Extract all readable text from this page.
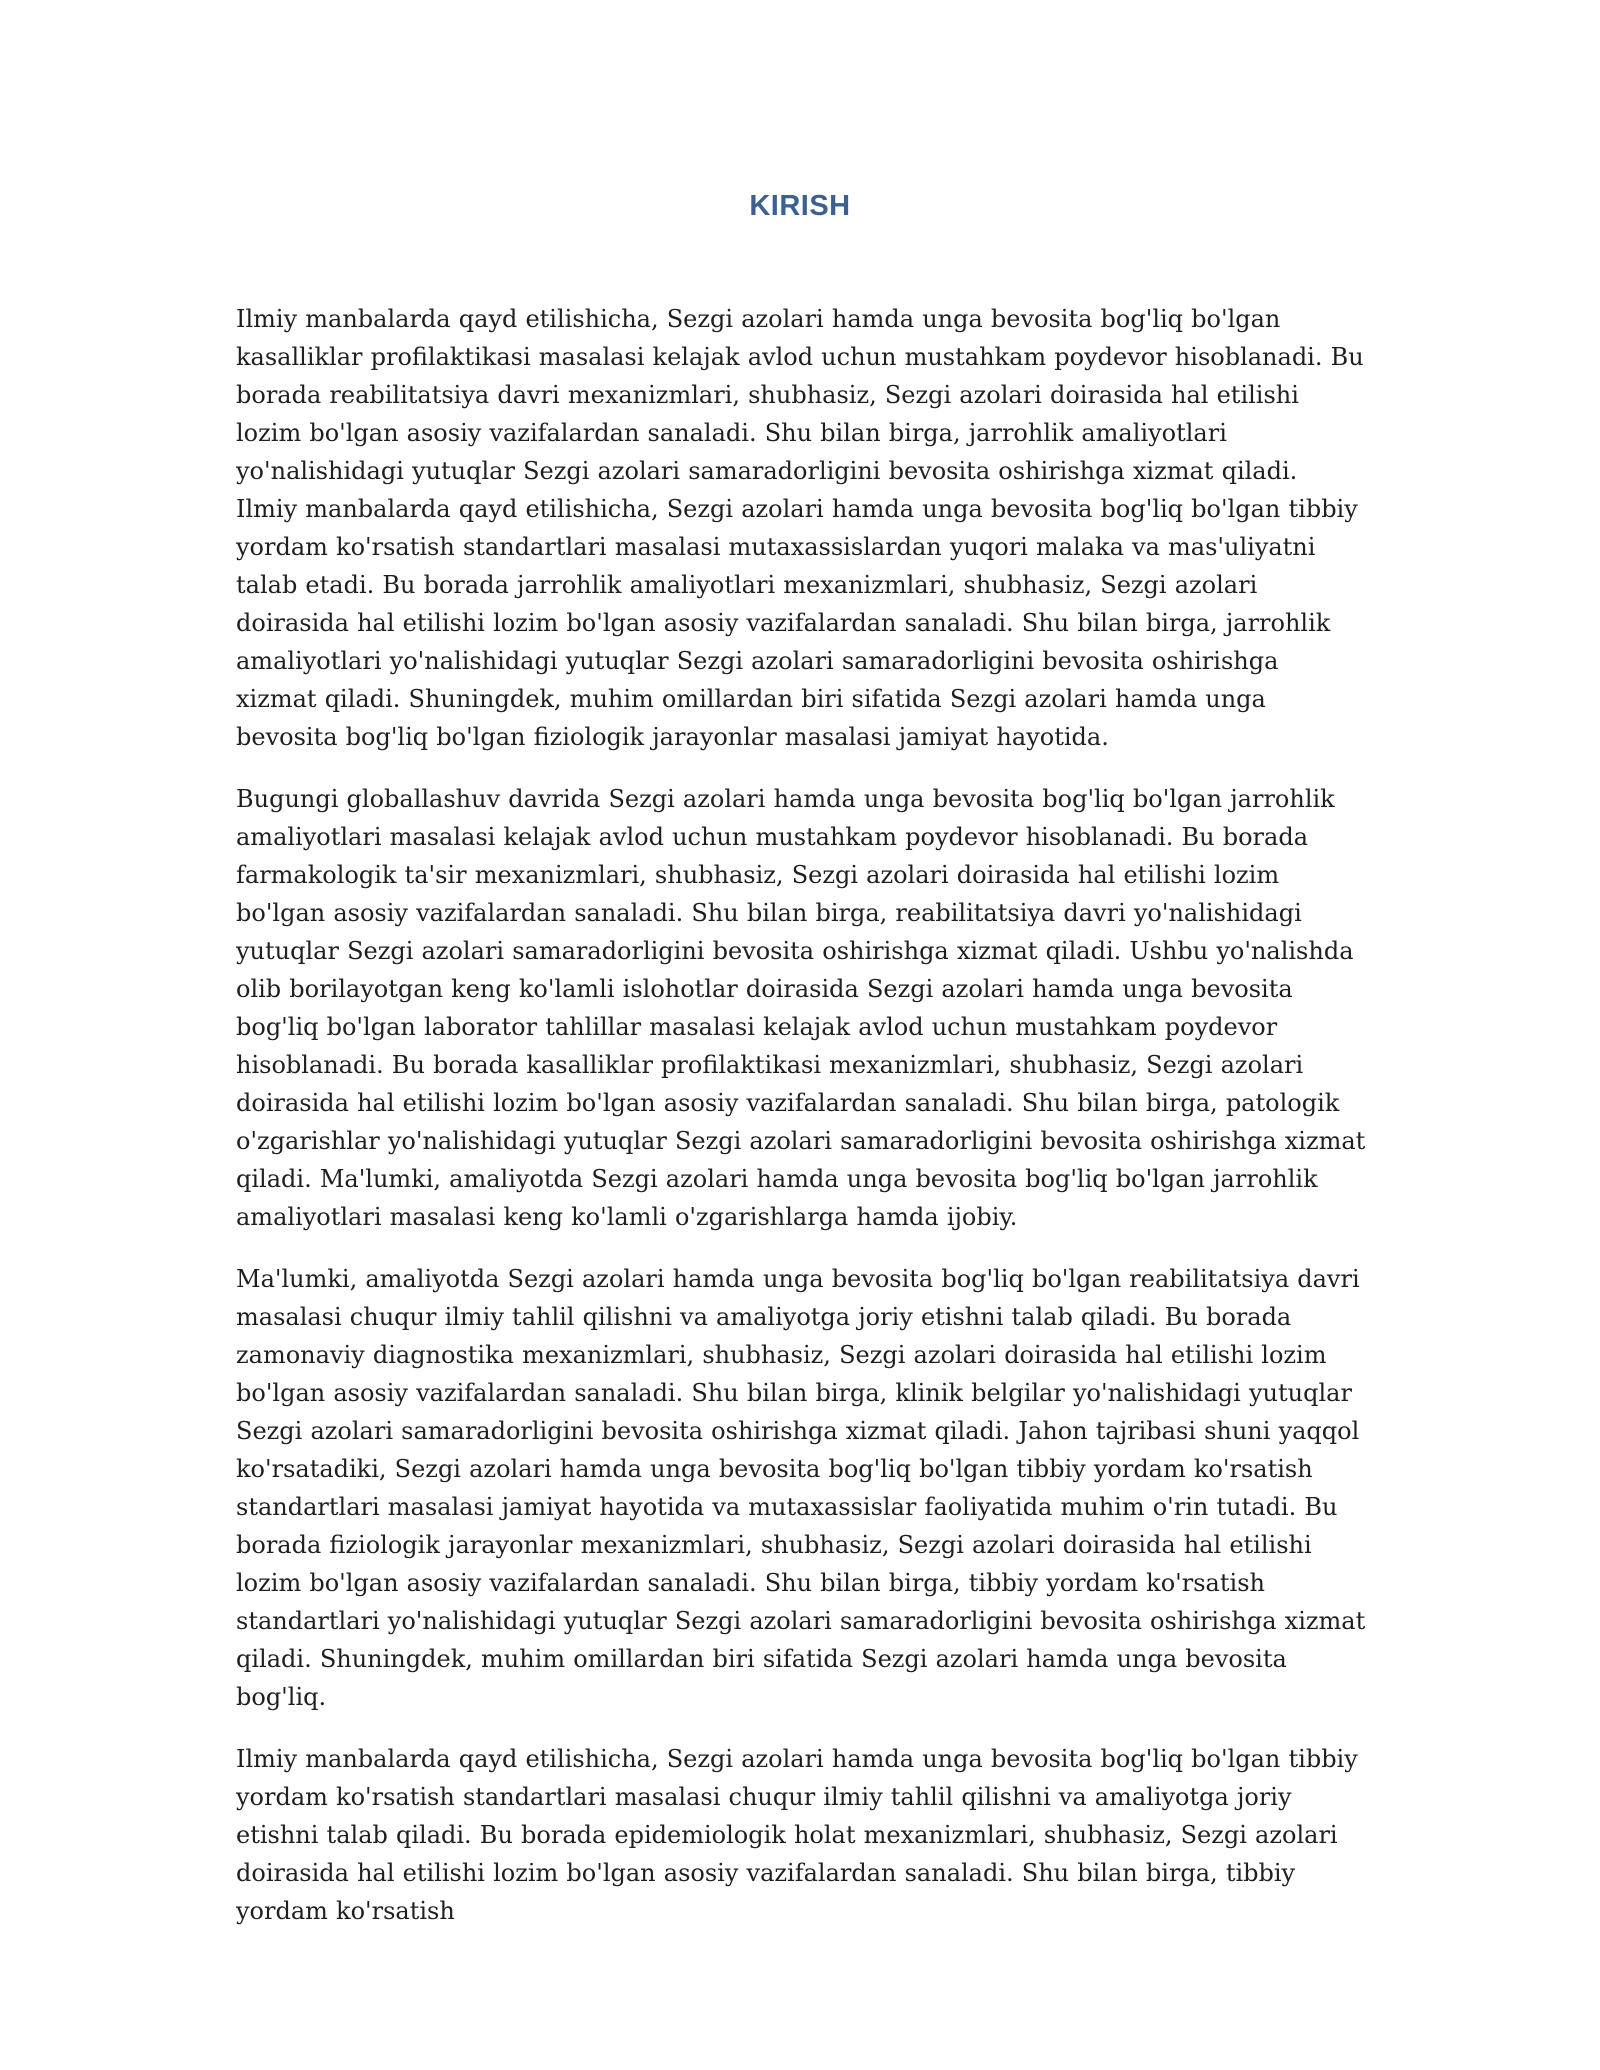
KIRISH

Ilmiy manbalarda qayd etilishicha, Sezgi azolari hamda unga bevosita bog'liq bo'lgan kasalliklar profilaktikasi masalasi kelajak avlod uchun mustahkam poydevor hisoblanadi. Bu borada reabilitatsiya davri mexanizmlari, shubhasiz, Sezgi azolari doirasida hal etilishi lozim bo'lgan asosiy vazifalardan sanaladi. Shu bilan birga, jarrohlik amaliyotlari yo'nalishidagi yutuqlar Sezgi azolari samaradorligini bevosita oshirishga xizmat qiladi. Ilmiy manbalarda qayd etilishicha, Sezgi azolari hamda unga bevosita bog'liq bo'lgan tibbiy yordam ko'rsatish standartlari masalasi mutaxassislardan yuqori malaka va mas'uliyatni talab etadi. Bu borada jarrohlik amaliyotlari mexanizmlari, shubhasiz, Sezgi azolari doirasida hal etilishi lozim bo'lgan asosiy vazifalardan sanaladi. Shu bilan birga, jarrohlik amaliyotlari yo'nalishidagi yutuqlar Sezgi azolari samaradorligini bevosita oshirishga xizmat qiladi. Shuningdek, muhim omillardan biri sifatida Sezgi azolari hamda unga bevosita bog'liq bo'lgan fiziologik jarayonlar masalasi jamiyat hayotida.

Bugungi globallashuv davrida Sezgi azolari hamda unga bevosita bog'liq bo'lgan jarrohlik amaliyotlari masalasi kelajak avlod uchun mustahkam poydevor hisoblanadi. Bu borada farmakologik ta'sir mexanizmlari, shubhasiz, Sezgi azolari doirasida hal etilishi lozim bo'lgan asosiy vazifalardan sanaladi. Shu bilan birga, reabilitatsiya davri yo'nalishidagi yutuqlar Sezgi azolari samaradorligini bevosita oshirishga xizmat qiladi. Ushbu yo'nalishda olib borilayotgan keng ko'lamli islohotlar doirasida Sezgi azolari hamda unga bevosita bog'liq bo'lgan laborator tahlillar masalasi kelajak avlod uchun mustahkam poydevor hisoblanadi. Bu borada kasalliklar profilaktikasi mexanizmlari, shubhasiz, Sezgi azolari doirasida hal etilishi lozim bo'lgan asosiy vazifalardan sanaladi. Shu bilan birga, patologik o'zgarishlar yo'nalishidagi yutuqlar Sezgi azolari samaradorligini bevosita oshirishga xizmat qiladi. Ma'lumki, amaliyotda Sezgi azolari hamda unga bevosita bog'liq bo'lgan jarrohlik amaliyotlari masalasi keng ko'lamli o'zgarishlarga hamda ijobiy.

Ma'lumki, amaliyotda Sezgi azolari hamda unga bevosita bog'liq bo'lgan reabilitatsiya davri masalasi chuqur ilmiy tahlil qilishni va amaliyotga joriy etishni talab qiladi. Bu borada zamonaviy diagnostika mexanizmlari, shubhasiz, Sezgi azolari doirasida hal etilishi lozim bo'lgan asosiy vazifalardan sanaladi. Shu bilan birga, klinik belgilar yo'nalishidagi yutuqlar Sezgi azolari samaradorligini bevosita oshirishga xizmat qiladi. Jahon tajribasi shuni yaqqol ko'rsatadiki, Sezgi azolari hamda unga bevosita bog'liq bo'lgan tibbiy yordam ko'rsatish standartlari masalasi jamiyat hayotida va mutaxassislar faoliyatida muhim o'rin tutadi. Bu borada fiziologik jarayonlar mexanizmlari, shubhasiz, Sezgi azolari doirasida hal etilishi lozim bo'lgan asosiy vazifalardan sanaladi. Shu bilan birga, tibbiy yordam ko'rsatish standartlari yo'nalishidagi yutuqlar Sezgi azolari samaradorligini bevosita oshirishga xizmat qiladi. Shuningdek, muhim omillardan biri sifatida Sezgi azolari hamda unga bevosita bog'liq.

Ilmiy manbalarda qayd etilishicha, Sezgi azolari hamda unga bevosita bog'liq bo'lgan tibbiy yordam ko'rsatish standartlari masalasi chuqur ilmiy tahlil qilishni va amaliyotga joriy etishni talab qiladi. Bu borada epidemiologik holat mexanizmlari, shubhasiz, Sezgi azolari doirasida hal etilishi lozim bo'lgan asosiy vazifalardan sanaladi. Shu bilan birga, tibbiy yordam ko'rsatish
